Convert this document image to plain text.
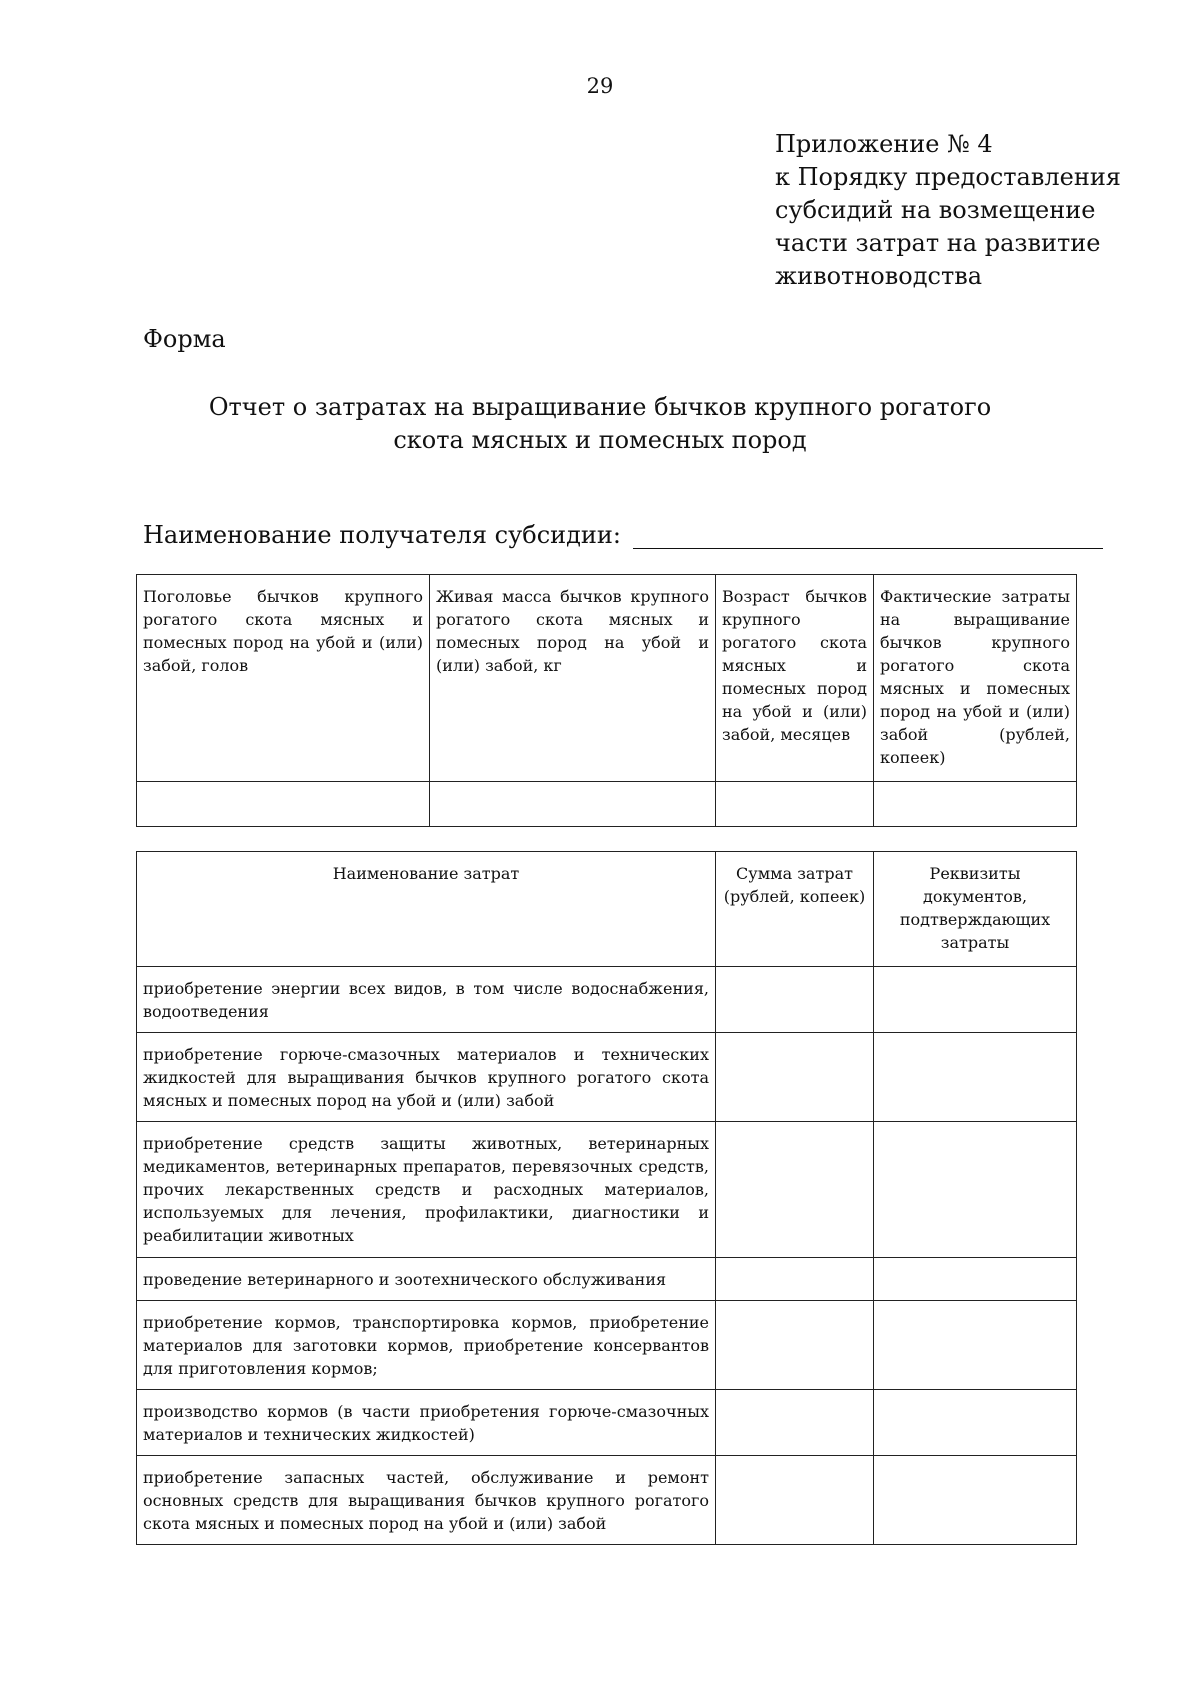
29
Приложение № 4
к Порядку предоставления
субсидий на возмещение
части затрат на развитие
животноводства
Форма
Отчет о затратах на выращивание бычков крупного рогатого
скота мясных и помесных пород
Наименование получателя субсидии:
Поголовье бычков крупного рогатого скота мясных и помесных пород на убой и (или) забой, голов	Живая масса бычков крупного рогатого скота мясных и помесных пород на убой и (или) забой, кг	Возраст бычков крупного рогатого скота мясных и помесных пород на убой и (или) забой, месяцев	Фактические затраты на выращивание бычков крупного рогатого скота мясных и помесных пород на убой и (или) забой (рублей, копеек)

Наименование затрат	Сумма затрат (рублей, копеек)	Реквизиты документов, подтверждающих затраты
приобретение энергии всех видов, в том числе водоснабжения, водоотведения		
приобретение горюче-смазочных материалов и технических жидкостей для выращивания бычков крупного рогатого скота мясных и помесных пород на убой и (или) забой		
приобретение средств защиты животных, ветеринарных медикаментов, ветеринарных препаратов, перевязочных средств, прочих лекарственных средств и расходных материалов, используемых для лечения, профилактики, диагностики и реабилитации животных		
проведение ветеринарного и зоотехнического обслуживания		
приобретение кормов, транспортировка кормов, приобретение материалов для заготовки кормов, приобретение консервантов для приготовления кормов;		
производство кормов (в части приобретения горюче-смазочных материалов и технических жидкостей)		
приобретение запасных частей, обслуживание и ремонт основных средств для выращивания бычков крупного рогатого скота мясных и помесных пород на убой и (или) забой		
